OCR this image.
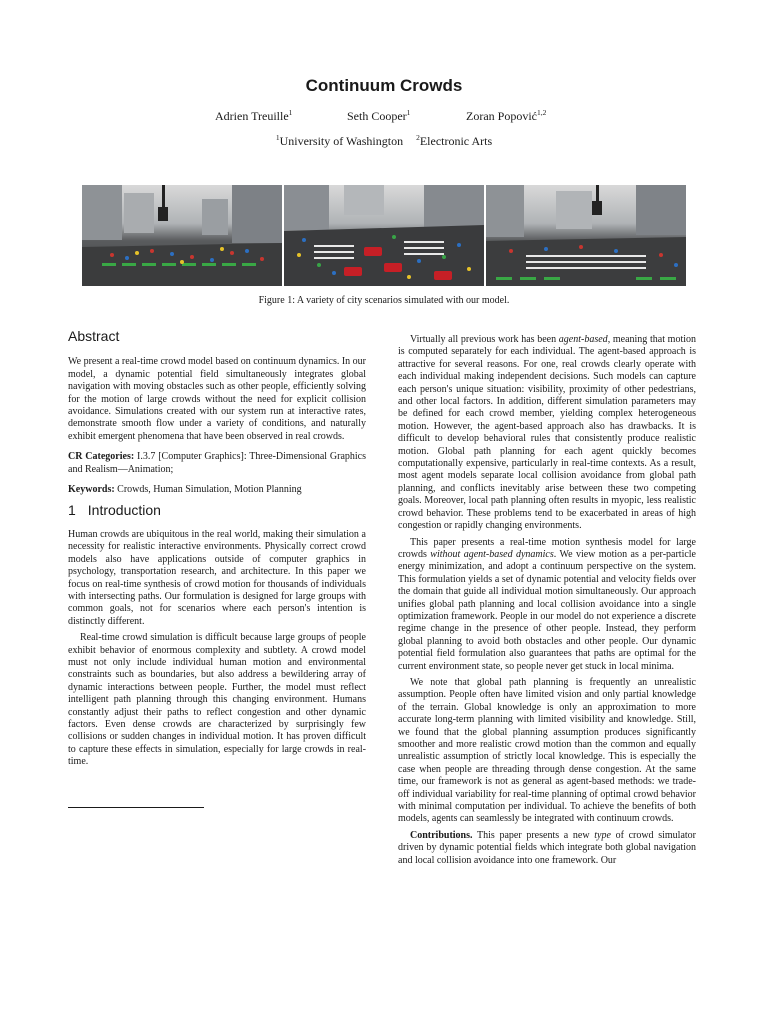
Continuum Crowds
Adrien Treuille$^1$	Seth Cooper$^1$	Zoran Popović$^{1,2}$
$^1$University of Washington $^2$Electronic Arts
Figure 1: A variety of city scenarios simulated with our model.
Abstract

We present a real-time crowd model based on continuum dynamics. In our model, a dynamic potential field simultaneously integrates global navigation with moving obstacles such as other people, efficiently solving for the motion of large crowds without the need for explicit collision avoidance. Simulations created with our system run at interactive rates, demonstrate smooth flow under a variety of conditions, and naturally exhibit emergent phenomena that have been observed in real crowds.

CR Categories: I.3.7 [Computer Graphics]: Three-Dimensional Graphics and Realism—Animation;

Keywords: Crowds, Human Simulation, Motion Planning

1 Introduction

Human crowds are ubiquitous in the real world, making their simulation a necessity for realistic interactive environments. Physically correct crowd models also have applications outside of computer graphics in psychology, transportation research, and architecture. In this paper we focus on real-time synthesis of crowd motion for thousands of individuals with intersecting paths. Our formulation is designed for large groups with common goals, not for scenarios where each person's intention is distinctly different.

Real-time crowd simulation is difficult because large groups of people exhibit behavior of enormous complexity and subtlety. A crowd model must not only include individual human motion and environmental constraints such as boundaries, but also address a bewildering array of dynamic interactions between people. Further, the model must reflect intelligent path planning through this changing environment. Humans constantly adjust their paths to reflect congestion and other dynamic factors. Even dense crowds are characterized by surprisingly few collisions or sudden changes in individual motion. It has proven difficult to capture these effects in simulation, especially for large crowds in real-time.

Virtually all previous work has been agent-based, meaning that motion is computed separately for each individual. The agent-based approach is attractive for several reasons. For one, real crowds clearly operate with each individual making independent decisions. Such models can capture each person's unique situation: visibility, proximity of other pedestrians, and other local factors. In addition, different simulation parameters may be defined for each crowd member, yielding complex heterogeneous motion. However, the agent-based approach also has drawbacks. It is difficult to develop behavioral rules that consistently produce realistic motion. Global path planning for each agent quickly becomes computationally expensive, particularly in real-time contexts. As a result, most agent models separate local collision avoidance from global path planning, and conflicts inevitably arise between these two competing goals. Moreover, local path planning often results in myopic, less realistic crowd behavior. These problems tend to be exacerbated in areas of high congestion or rapidly changing environments.

This paper presents a real-time motion synthesis model for large crowds without agent-based dynamics. We view motion as a per-particle energy minimization, and adopt a continuum perspective on the system. This formulation yields a set of dynamic potential and velocity fields over the domain that guide all individual motion simultaneously. Our approach unifies global path planning and local collision avoidance into a single optimization framework. People in our model do not experience a discrete regime change in the presence of other people. Instead, they perform global planning to avoid both obstacles and other people. Our dynamic potential field formulation also guarantees that paths are optimal for the current environment state, so people never get stuck in local minima.

We note that global path planning is frequently an unrealistic assumption. People often have limited vision and only partial knowledge of the terrain. Global knowledge is only an approximation to more accurate long-term planning with limited visibility and knowledge. Still, we found that the global planning assumption produces significantly smoother and more realistic crowd motion than the common and equally unrealistic assumption of strictly local knowledge. This is especially the case when people are threading through dense congestion. At the same time, our framework is not as general as agent-based methods: we trade-off individual variability for real-time planning of optimal crowd behavior with minimal computation per individual. To achieve the benefits of both models, agents can seamlessly be integrated with continuum crowds.

Contributions. This paper presents a new type of crowd simulator driven by dynamic potential fields which integrate both global navigation and local collision avoidance into one framework. Our
